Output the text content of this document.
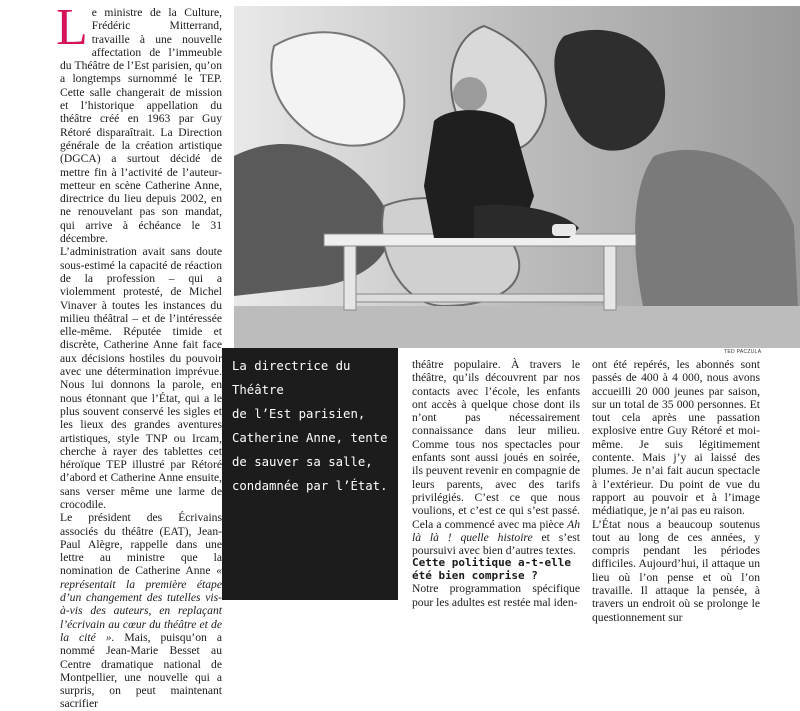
Le ministre de la Culture, Frédéric Mitterrand, travaille à une nouvelle affectation de l’immeuble du Théâtre de l’Est parisien, qu’on a longtemps surnommé le TEP. Cette salle changerait de mission et l’historique appellation du théâtre créé en 1963 par Guy Rétoré disparaîtrait. La Direction générale de la création artistique (DGCA) a surtout décidé de mettre fin à l’activité de l’auteur-metteur en scène Catherine Anne, directrice du lieu depuis 2002, en ne renouvelant pas son mandat, qui arrive à échéance le 31 décembre.

L’administration avait sans doute sous-estimé la capacité de réaction de la profession – qui a violemment protesté, de Michel Vinaver à toutes les instances du milieu théâtral – et de l’intéressée elle-même. Réputée timide et discrète, Catherine Anne fait face aux décisions hostiles du pouvoir avec une détermination imprévue. Nous lui donnons la parole, en nous étonnant que l’État, qui a le plus souvent conservé les sigles et les lieux des grandes aventures artistiques, style TNP ou Ircam, cherche à rayer des tablettes cet héroïque TEP illustré par Rétoré d’abord et Catherine Anne ensuite, sans verser même une larme de crocodile.

Le président des Écrivains associés du théâtre (EAT), Jean-Paul Alègre, rappelle dans une lettre au ministre que la nomination de Catherine Anne « représentait la première étape d’un changement des tutelles vis-à-vis des auteurs, en replaçant l’écrivain au cœur du théâtre et de la cité ». Mais, puisqu’on a nommé Jean-Marie Besset au Centre dramatique national de Montpellier, une nouvelle qui a surpris, on peut maintenant sacrifier

TED PACZULA
La directrice du Théâtre
de l’Est parisien,
Catherine Anne, tente
de sauver sa salle,
condamnée par l’État.

théâtre populaire. À travers le théâtre, qu’ils découvrent par nos contacts avec l’école, les enfants ont accès à quelque chose dont ils n’ont pas nécessairement connaissance dans leur milieu. Comme tous nos spectacles pour enfants sont aussi joués en soirée, ils peuvent revenir en compagnie de leurs parents, avec des tarifs privilégiés. C’est ce que nous voulions, et c’est ce qui s’est passé. Cela a commencé avec ma pièce Ah là là ! quelle histoire et s’est poursuivi avec bien d’autres textes.

Cette politique a-t-elle été bien comprise ?

Notre programmation spécifique pour les adultes est restée mal iden-

ont été repérés, les abonnés sont passés de 400 à 4 000, nous avons accueilli 20 000 jeunes par saison, sur un total de 35 000 personnes. Et tout cela après une passation explosive entre Guy Rétoré et moi-même. Je suis légitimement contente. Mais j’y ai laissé des plumes. Je n’ai fait aucun spectacle à l’extérieur. Du point de vue du rapport au pouvoir et à l’image médiatique, je n’ai pas eu raison.

L’État nous a beaucoup soutenus tout au long de ces années, y compris pendant les périodes difficiles. Aujourd’hui, il attaque un lieu où l’on pense et où l’on travaille. Il attaque la pensée, à travers un endroit où se prolonge le questionnement sur
